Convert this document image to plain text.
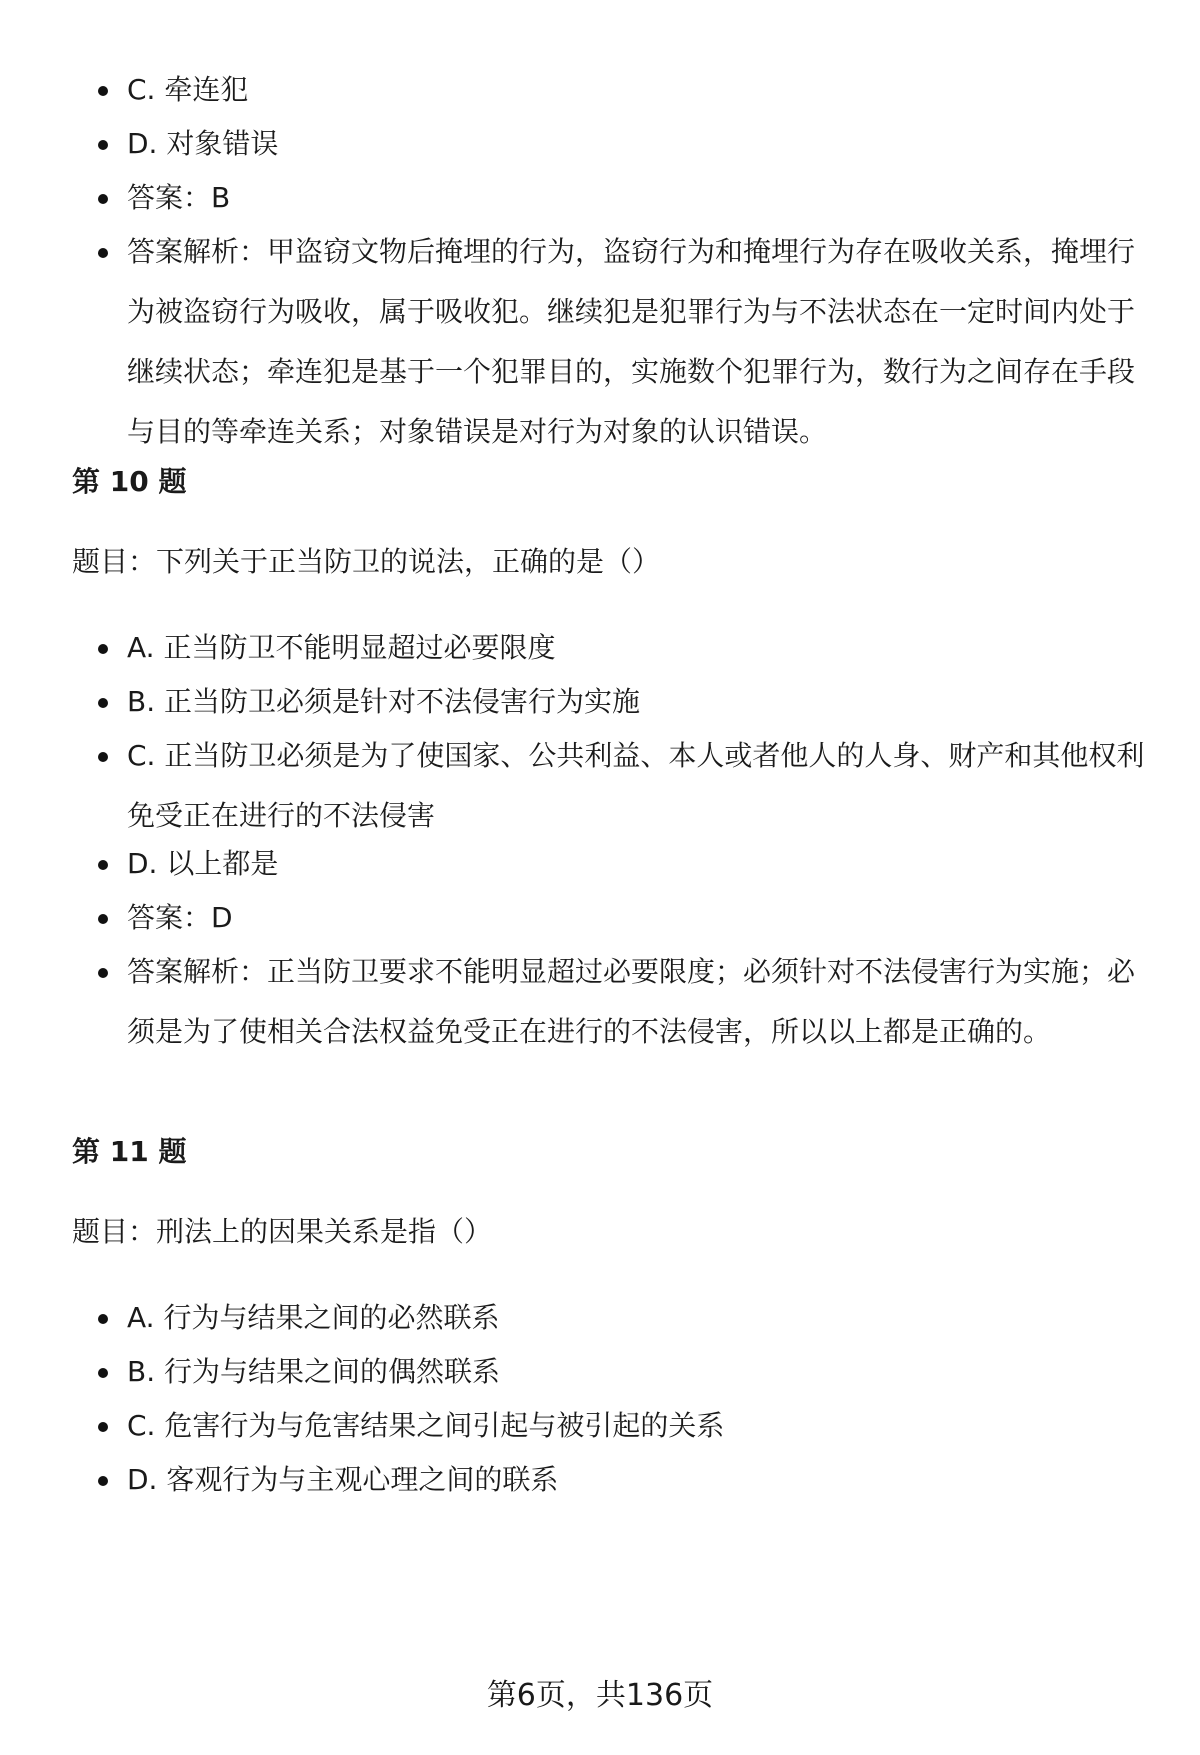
C. 牵连犯
D. 对象错误
答案：B
答案解析：甲盗窃文物后掩埋的行为，盗窃行为和掩埋行为存在吸收关系，掩埋行为被盗窃行为吸收，属于吸收犯。继续犯是犯罪行为与不法状态在一定时间内处于继续状态；牵连犯是基于一个犯罪目的，实施数个犯罪行为，数行为之间存在手段与目的等牵连关系；对象错误是对行为对象的认识错误。
第 10 题
题目：下列关于正当防卫的说法，正确的是（）
A. 正当防卫不能明显超过必要限度
B. 正当防卫必须是针对不法侵害行为实施
C. 正当防卫必须是为了使国家、公共利益、本人或者他人的人身、财产和其他权利免受正在进行的不法侵害
D. 以上都是
答案：D
答案解析：正当防卫要求不能明显超过必要限度；必须针对不法侵害行为实施；必须是为了使相关合法权益免受正在进行的不法侵害，所以以上都是正确的。
第 11 题
题目：刑法上的因果关系是指（）
A. 行为与结果之间的必然联系
B. 行为与结果之间的偶然联系
C. 危害行为与危害结果之间引起与被引起的关系
D. 客观行为与主观心理之间的联系
第6页，共136页
